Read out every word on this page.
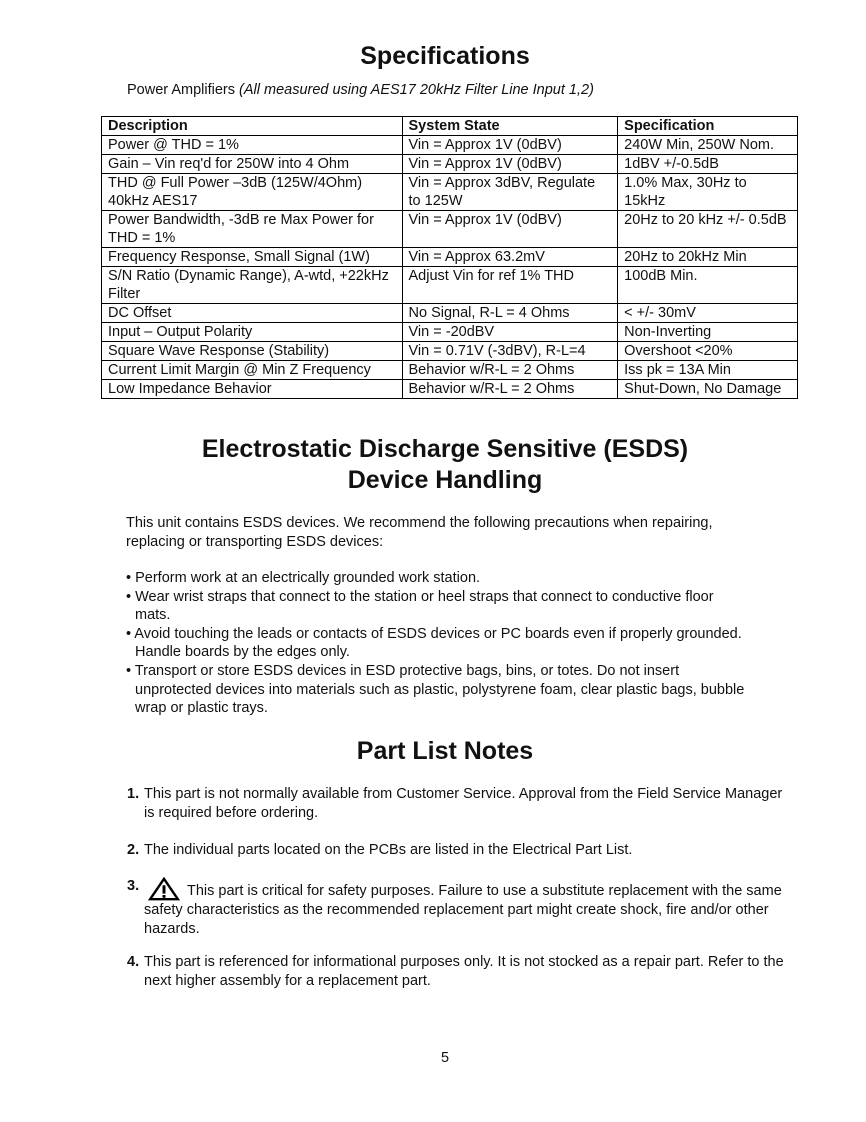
Specifications
Power Amplifiers (All measured using AES17 20kHz Filter Line Input 1,2)
Description	System State	Specification
Power @ THD = 1%	Vin = Approx 1V (0dBV)	240W Min, 250W Nom.
Gain – Vin req'd for 250W into 4 Ohm	Vin = Approx 1V (0dBV)	1dBV +/-0.5dB
THD @ Full Power –3dB (125W/4Ohm) 40kHz AES17	Vin = Approx 3dBV, Regulate to 125W	1.0% Max, 30Hz to 15kHz
Power Bandwidth, -3dB re Max Power for THD = 1%	Vin = Approx 1V (0dBV)	20Hz to 20 kHz +/- 0.5dB
Frequency Response, Small Signal (1W)	Vin = Approx 63.2mV	20Hz to 20kHz Min
S/N Ratio (Dynamic Range), A-wtd, +22kHz Filter	Adjust Vin for ref 1% THD	100dB Min.
DC Offset	No Signal, R-L = 4 Ohms	< +/- 30mV
Input – Output Polarity	Vin = -20dBV	Non-Inverting
Square Wave Response (Stability)	Vin = 0.71V (-3dBV), R-L=4	Overshoot <20%
Current Limit Margin @ Min Z Frequency	Behavior w/R-L = 2 Ohms	Iss pk = 13A Min
Low Impedance Behavior	Behavior w/R-L = 2 Ohms	Shut-Down, No Damage
Electrostatic Discharge Sensitive (ESDS)
Device Handling

This unit contains ESDS devices. We recommend the following precautions when repairing, replacing or transporting ESDS devices:

• Perform work at an electrically grounded work station.
• Wear wrist straps that connect to the station or heel straps that connect to conductive floor mats.
• Avoid touching the leads or contacts of ESDS devices or PC boards even if properly grounded. Handle boards by the edges only.
• Transport or store ESDS devices in ESD protective bags, bins, or totes. Do not insert unprotected devices into materials such as plastic, polystyrene foam, clear plastic bags, bubble wrap or plastic trays.
Part List Notes
1. This part is not normally available from Customer Service. Approval from the Field Service Manager is required before ordering.
2. The individual parts located on the PCBs are listed in the Electrical Part List.
3.	This part is critical for safety purposes. Failure to use a substitute replacement with the same safety characteristics as the recommended replacement part might create shock, fire and/or other hazards.
4. This part is referenced for informational purposes only. It is not stocked as a repair part. Refer to the next higher assembly for a replacement part.
5
